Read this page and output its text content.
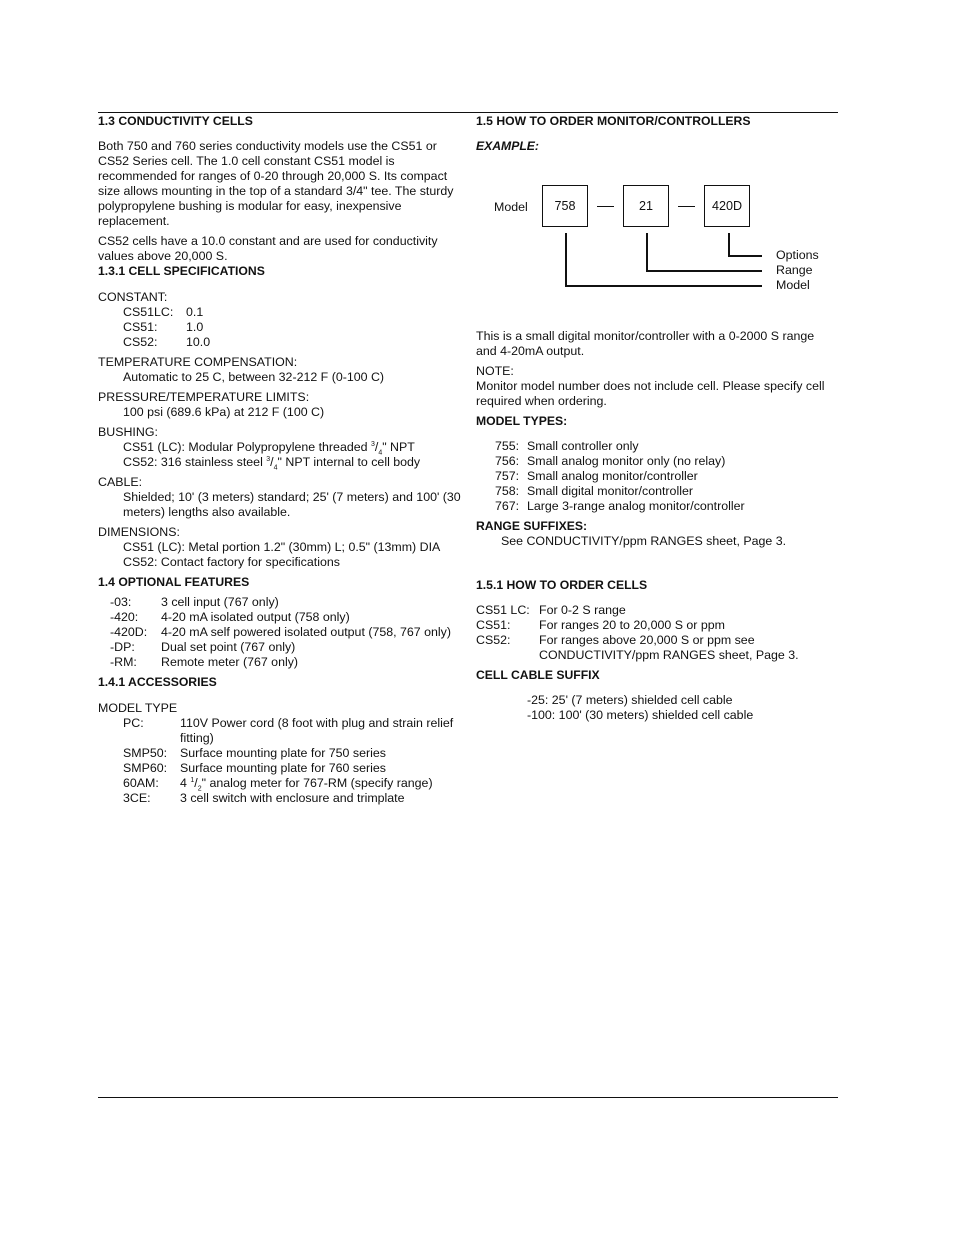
1.3 CONDUCTIVITY CELLS

Both 750 and 760 series conductivity models use the CS51 or CS52 Series cell. The 1.0 cell constant CS51 model is recommended for ranges of 0-20 through 20,000 S. Its compact size allows mounting in the top of a standard 3/4" tee. The sturdy polypropylene bushing is modular for easy, inexpensive replacement.

CS52 cells have a 10.0 constant and are used for conductivity values above 20,000 S.

1.3.1 CELL SPECIFICATIONS

CONSTANT:

CS51LC:	0.1
CS51:	1.0
CS52:	10.0

TEMPERATURE COMPENSATION:

Automatic to 25 C, between 32-212 F (0-100 C)

PRESSURE/TEMPERATURE LIMITS:

100 psi (689.6 kPa) at 212 F (100 C)

BUSHING:

CS51 (LC): Modular Polypropylene threaded $^3/_4$" NPT

CS52: 316 stainless steel $^3/_4$" NPT internal to cell body

CABLE:

Shielded; 10' (3 meters) standard; 25' (7 meters) and 100' (30 meters) lengths also available.

DIMENSIONS:

CS51 (LC): Metal portion 1.2" (30mm) L; 0.5" (13mm) DIA

CS52: Contact factory for specifications

1.4 OPTIONAL FEATURES

-03:	3 cell input (767 only)
-420:	4-20 mA isolated output (758 only)
-420D:	4-20 mA self powered isolated output (758, 767 only)
-DP:	Dual set point (767 only)
-RM:	Remote meter (767 only)

1.4.1 ACCESSORIES

MODEL TYPE

PC:	110V Power cord (8 foot with plug and strain relief fitting)
SMP50:	Surface mounting plate for 750 series
SMP60:	Surface mounting plate for 760 series
60AM:	4 $^1/_2$" analog meter for 767-RM (specify range)
3CE:	3 cell switch with enclosure and trimplate

1.5 HOW TO ORDER MONITOR/CONTROLLERS

EXAMPLE:

Model	758	21	420D
Options
Range
Model

This is a small digital monitor/controller with a 0-2000 S range and 4-20mA output.

NOTE:

Monitor model number does not include cell. Please specify cell required when ordering.

MODEL TYPES:

755: Small controller only
756: Small analog monitor only (no relay)
757: Small analog monitor/controller
758: Small digital monitor/controller
767: Large 3-range analog monitor/controller

RANGE SUFFIXES:

See CONDUCTIVITY/ppm RANGES sheet, Page 3.

1.5.1 HOW TO ORDER CELLS

CS51 LC: For 0-2 S range
CS51:	For ranges 20 to 20,000 S or ppm
CS52:	For ranges above 20,000 S or ppm see CONDUCTIVITY/ppm RANGES sheet, Page 3.

CELL CABLE SUFFIX

-25: 25' (7 meters) shielded cell cable

-100: 100' (30 meters) shielded cell cable
